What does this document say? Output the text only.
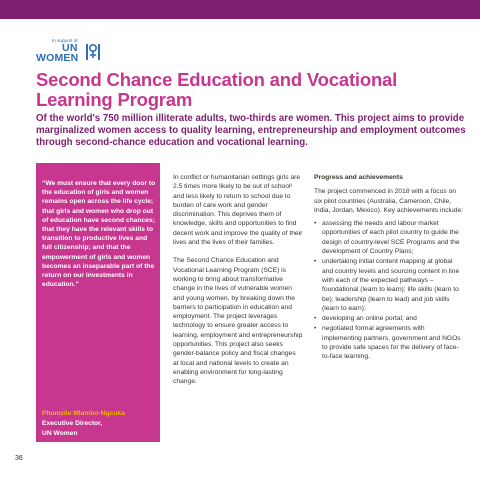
In support of
UN
WOMEN
Second Chance Education and Vocational Learning Program

Of the world's 750 million illiterate adults, two-thirds are women. This project aims to provide marginalized women access to quality learning, entrepreneurship and employment outcomes through second-chance education and vocational learning.

“We must ensure that every door to the education of girls and women remains open across the life cycle; that girls and women who drop out of education have second chances; that they have the relevant skills to transition to productive lives and full citizenship; and that the empowerment of girls and women becomes an inseparable part of the return on our investments in education.”

Phumzile Mlambo-Ngcuka

Executive Director,

UN Women

In conflict or humanitarian settings girls are 2.5 times more likely to be out of school¹ and less likely to return to school due to burden of care work and gender discrimination. This deprives them of knowledge, skills and opportunities to find decent work and improve the quality of their lives and the lives of their families.

The Second Chance Education and Vocational Learning Program (SCE) is working to bring about transformative change in the lives of vulnerable women and young women, by breaking down the barriers to participation in education and employment. The project leverages technology to ensure greater access to learning, employment and entrepreneurship opportunities. This project also seeks gender-balance policy and fiscal changes at local and national levels to create an enabling environment for long-lasting change.

Progress and achievements

The project commenced in 2018 with a focus on six pilot countries (Australia, Cameroon, Chile, India, Jordan, Mexico). Key achievements include:

• assessing the needs and labour market opportunities of each pilot country to guide the design of country-level SCE Programs and the development of Country Plans;
• undertaking initial content mapping at global and country levels and sourcing content in line with each of the expected pathways – foundational (learn to learn); life skills (learn to be); leadership (learn to lead) and job skills (learn to earn);
• developing an online portal; and
• negotiated formal agreements with implementing partners, government and NGOs to provide safe spaces for the delivery of face-to-face learning.
36
